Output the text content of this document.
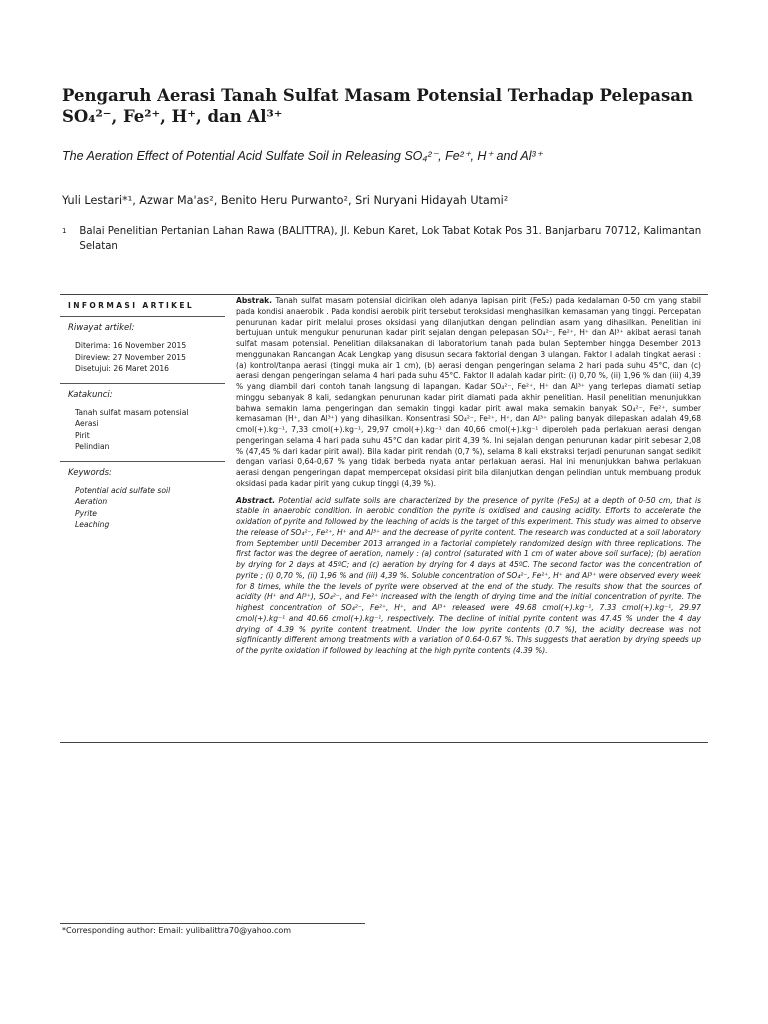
Pengaruh Aerasi Tanah Sulfat Masam Potensial Terhadap Pelepasan SO₄²⁻, Fe²⁺, H⁺, dan Al³⁺
The Aeration Effect of Potential Acid Sulfate Soil in Releasing SO₄²⁻, Fe²⁺, H⁺ and Al³⁺
Yuli Lestari*¹, Azwar Ma'as², Benito Heru Purwanto², Sri Nuryani Hidayah Utami²
1	Balai Penelitian Pertanian Lahan Rawa (BALITTRA), Jl. Kebun Karet, Lok Tabat Kotak Pos 31. Banjarbaru 70712, Kalimantan Selatan
INFORMASI ARTIKEL
Riwayat artikel:
Diterima: 16 November 2015
Direview: 27 November 2015
Disetujui: 26 Maret 2016
Katakunci:
Tanah sulfat masam potensial
Aerasi
Pirit
Pelindian
Keywords:
Potential acid sulfate soil
Aeration
Pyrite
Leaching

Abstrak. Tanah sulfat masam potensial dicirikan oleh adanya lapisan pirit (FeS₂) pada kedalaman 0-50 cm yang stabil pada kondisi anaerobik . Pada kondisi aerobik pirit tersebut teroksidasi menghasilkan kemasaman yang tinggi. Percepatan penurunan kadar pirit melalui proses oksidasi yang dilanjutkan dengan pelindian asam yang dihasilkan. Penelitian ini bertujuan untuk mengukur penurunan kadar pirit sejalan dengan pelepasan SO₄²⁻, Fe²⁺, H⁺ dan Al³⁺ akibat aerasi tanah sulfat masam potensial. Penelitian dilaksanakan di laboratorium tanah pada bulan September hingga Desember 2013 menggunakan Rancangan Acak Lengkap yang disusun secara faktorial dengan 3 ulangan. Faktor I adalah tingkat aerasi : (a) kontrol/tanpa aerasi (tinggi muka air 1 cm), (b) aerasi dengan pengeringan selama 2 hari pada suhu 45°C, dan (c) aerasi dengan pengeringan selama 4 hari pada suhu 45°C. Faktor II adalah kadar pirit: (i) 0,70 %, (ii) 1,96 % dan (iii) 4,39 % yang diambil dari contoh tanah langsung di lapangan. Kadar SO₄²⁻, Fe²⁺, H⁺ dan Al³⁺ yang terlepas diamati setiap minggu sebanyak 8 kali, sedangkan penurunan kadar pirit diamati pada akhir penelitian. Hasil penelitian menunjukkan bahwa semakin lama pengeringan dan semakin tinggi kadar pirit awal maka semakin banyak SO₄²⁻, Fe²⁺, sumber kemasaman (H⁺, dan Al³⁺) yang dihasilkan. Konsentrasi SO₄²⁻, Fe²⁺, H⁺, dan Al³⁺ paling banyak dilepaskan adalah 49,68 cmol(+).kg⁻¹, 7,33 cmol(+).kg⁻¹, 29,97 cmol(+).kg⁻¹ dan 40,66 cmol(+).kg⁻¹ diperoleh pada perlakuan aerasi dengan pengeringan selama 4 hari pada suhu 45°C dan kadar pirit 4,39 %. Ini sejalan dengan penurunan kadar pirit sebesar 2,08 % (47,45 % dari kadar pirit awal). Bila kadar pirit rendah (0,7 %), selama 8 kali ekstraksi terjadi penurunan sangat sedikit dengan variasi 0,64-0,67 % yang tidak berbeda nyata antar perlakuan aerasi. Hal ini menunjukkan bahwa perlakuan aerasi dengan pengeringan dapat mempercepat oksidasi pirit bila dilanjutkan dengan pelindian untuk membuang produk oksidasi pada kadar pirit yang cukup tinggi (4,39 %).

Abstract. Potential acid sulfate soils are characterized by the presence of pyrite (FeS₂) at a depth of 0-50 cm, that is stable in anaerobic condition. In aerobic condition the pyrite is oxidised and causing acidity. Efforts to accelerate the oxidation of pyrite and followed by the leaching of acids is the target of this experiment. This study was aimed to observe the release of SO₄²⁻, Fe²⁺, H⁺ and Al³⁺ and the decrease of pyrite content. The research was conducted at a soil laboratory from September until December 2013 arranged in a factorial completely randomized design with three replications. The first factor was the degree of aeration, namely : (a) control (saturated with 1 cm of water above soil surface); (b) aeration by drying for 2 days at 45ºC; and (c) aeration by drying for 4 days at 45ºC. The second factor was the concentration of pyrite ; (i) 0,70 %, (ii) 1,96 % and (iii) 4,39 %. Soluble concentration of SO₄²⁻, Fe²⁺, H⁺ and Al³⁺ were observed every week for 8 times, while the the levels of pyrite were observed at the end of the study. The results show that the sources of acidity (H⁺ and Al³⁺), SO₄²⁻, and Fe²⁺ increased with the length of drying time and the initial concentration of pyrite. The highest concentration of SO₄²⁻, Fe²⁺, H⁺, and Al³⁺ released were 49.68 cmol(+).kg⁻¹, 7.33 cmol(+).kg⁻¹, 29.97 cmol(+).kg⁻¹ and 40.66 cmol(+).kg⁻¹, respectively. The decline of initial pyrite content was 47.45 % under the 4 day drying of 4.39 % pyrite content treatment. Under the low pyrite contents (0.7 %), the acidity decrease was not sigfinicantly different among treatments with a variation of 0.64-0.67 %. This suggests that aeration by drying speeds up of the pyrite oxidation if followed by leaching at the high pyrite contents (4.39 %).

*Corresponding author: Email: yulibalittra70@yahoo.com
